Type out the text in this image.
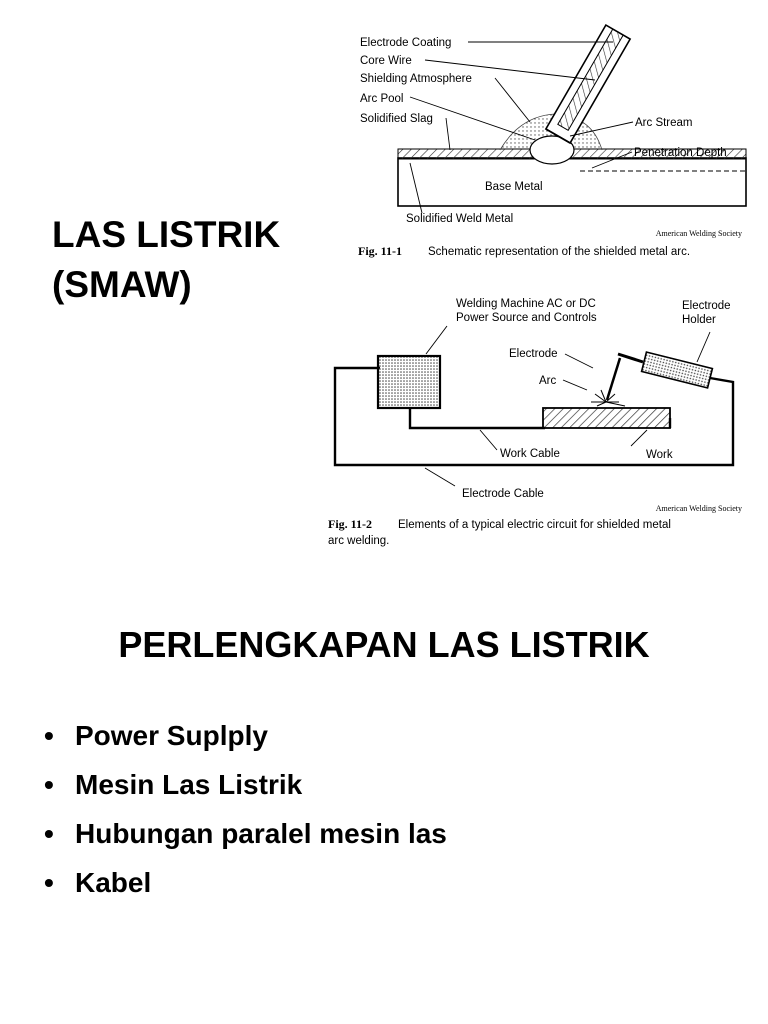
LAS LISTRIK
(SMAW)
Electrode Coating
Core Wire
Shielding Atmosphere
Arc Pool
Solidified Slag	Arc Stream
Penetration Depth
Base Metal
Solidified Weld Metal
American Welding Society
Fig. 11-1 Schematic representation of the shielded metal arc.
Welding Machine AC or DC
Power Source and Controls
Electrode
Holder
Electrode
Arc
Work Cable	Work
Electrode Cable
American Welding Society
Fig. 11-2 Elements of a typical electric circuit for shielded metal
arc welding.
PERLENGKAPAN LAS LISTRIK
• Power Suplply
• Mesin Las Listrik
• Hubungan paralel mesin las
• Kabel
